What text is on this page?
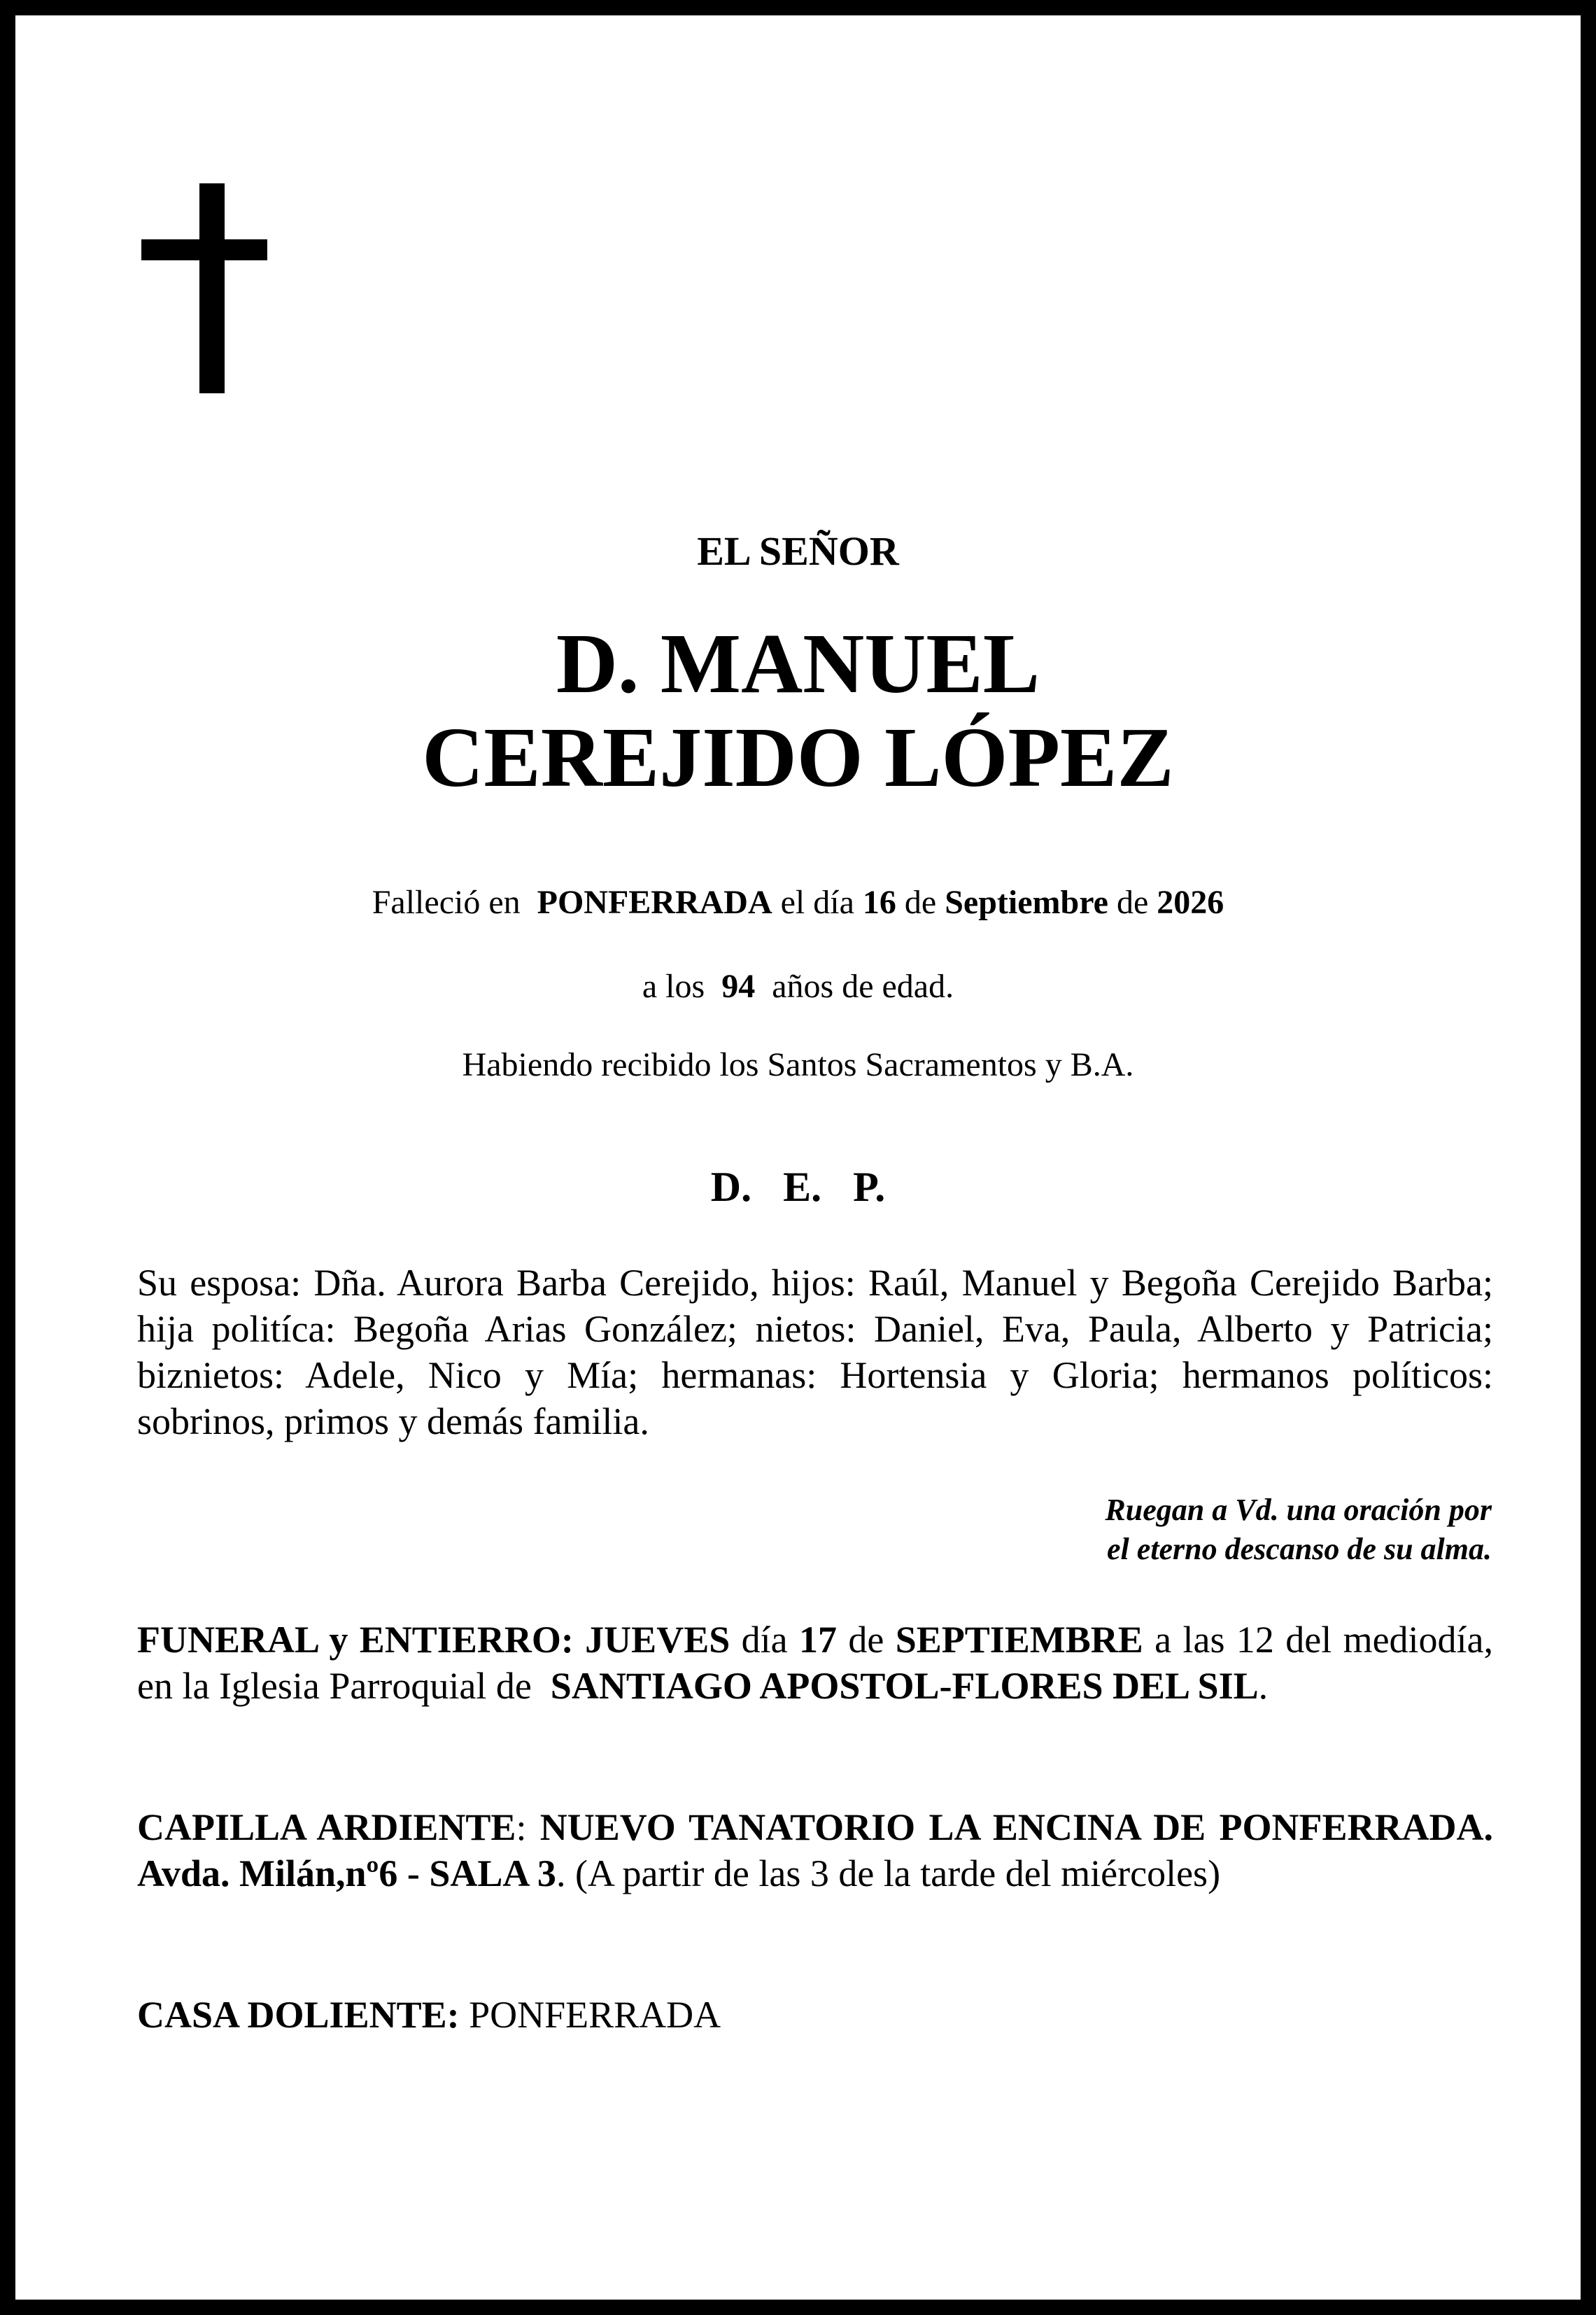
EL SEÑOR
D. MANUEL
CEREJIDO LÓPEZ
Falleció en PONFERRADA el día 16 de Septiembre de 2026
a los 94 años de edad.
Habiendo recibido los Santos Sacramentos y B.A.
D. E. P.
Su esposa: Dña. Aurora Barba Cerejido, hijos: Raúl, Manuel y Begoña Cerejido Barba; hija politíca: Begoña Arias González; nietos: Daniel, Eva, Paula, Alberto y Patricia; biznietos: Adele, Nico y Mía; hermanas: Hortensia y Gloria; hermanos políticos: sobrinos, primos y demás familia.
Ruegan a Vd. una oración por
el eterno descanso de su alma.
FUNERAL y ENTIERRO: JUEVES día 17 de SEPTIEMBRE a las 12 del mediodía, en la Iglesia Parroquial de SANTIAGO APOSTOL-FLORES DEL SIL.
CAPILLA ARDIENTE: NUEVO TANATORIO LA ENCINA DE PONFERRADA. Avda. Milán,nº6 - SALA 3. (A partir de las 3 de la tarde del miércoles)
CASA DOLIENTE: PONFERRADA
